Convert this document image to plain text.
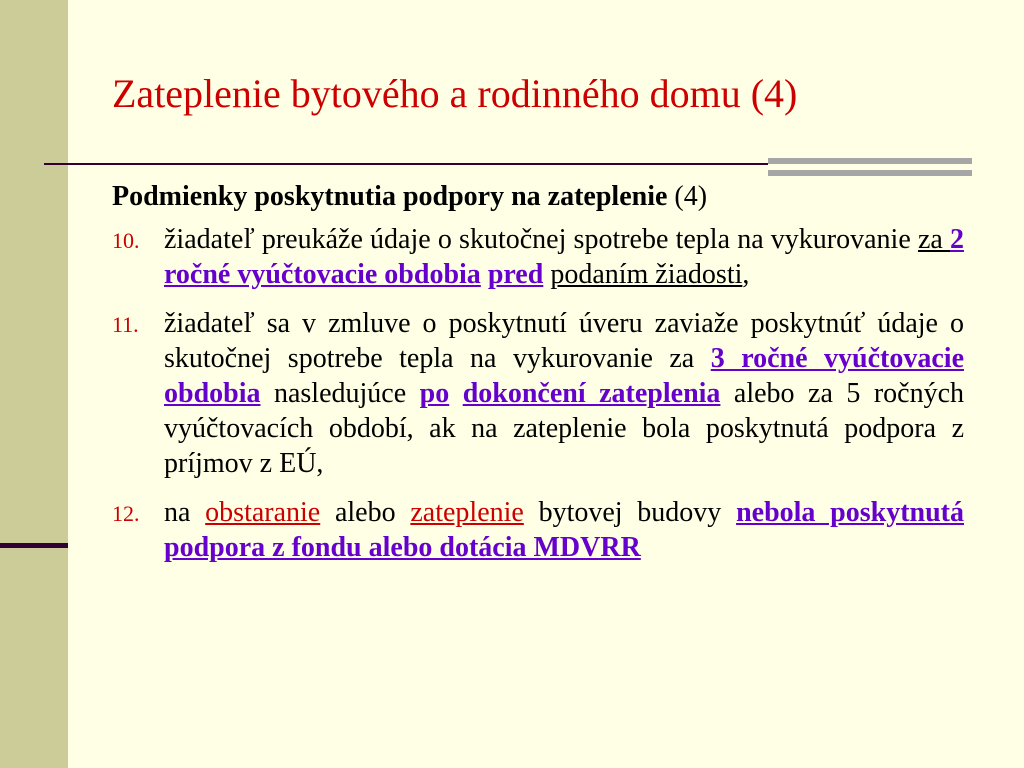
Zateplenie bytového a rodinného domu (4)
Podmienky poskytnutia podpory na zateplenie (4)
10. žiadateľ preukáže údaje o skutočnej spotrebe tepla na vykurovanie za 2 ročné vyúčtovacie obdobia pred podaním žiadosti,
11. žiadateľ sa v zmluve o poskytnutí úveru zaviaže poskytnúť údaje o skutočnej spotrebe tepla na vykurovanie za 3 ročné vyúčtovacie obdobia nasledujúce po dokončení zateplenia alebo za 5 ročných vyúčtovacích období, ak na zateplenie bola poskytnutá podpora z príjmov z EÚ,
12. na obstaranie alebo zateplenie bytovej budovy nebola poskytnutá podpora z fondu alebo dotácia MDVRR
